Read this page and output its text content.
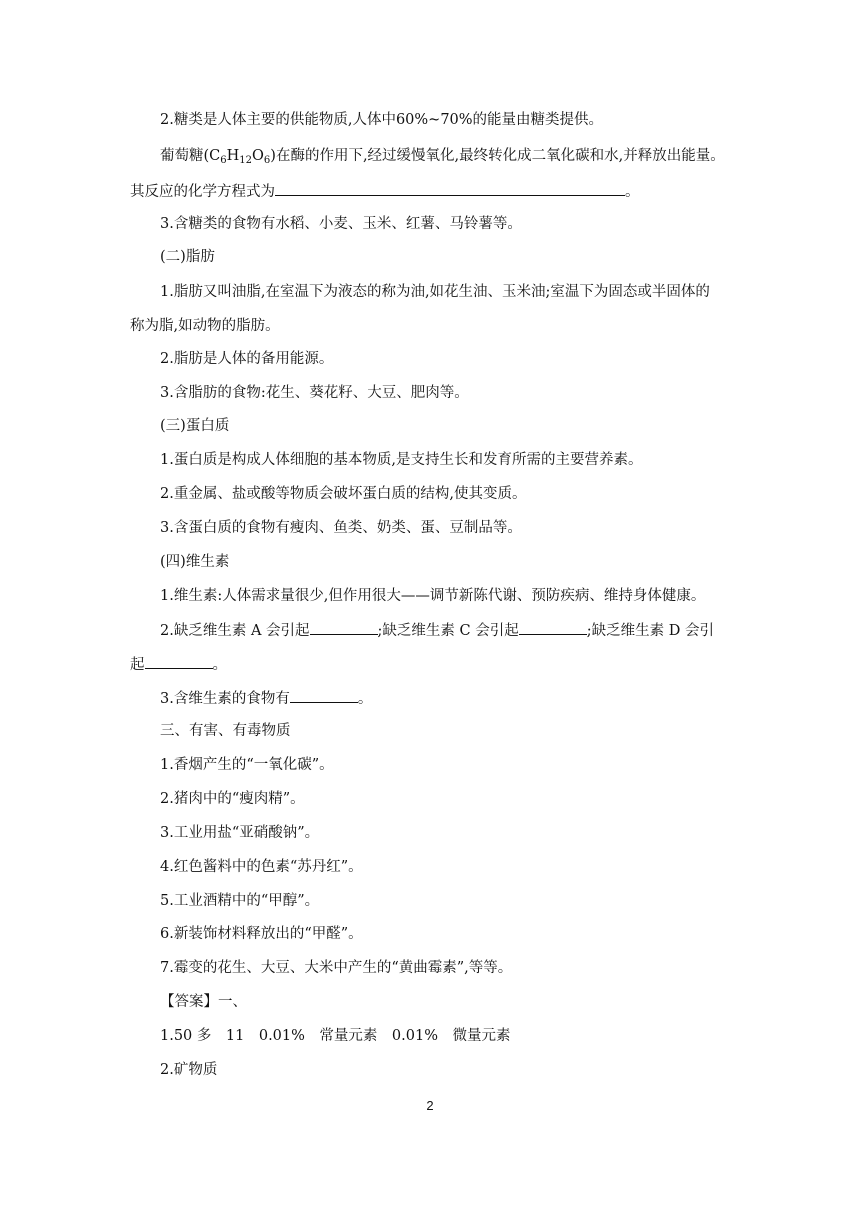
2.糖类是人体主要的供能物质,人体中60%~70%的能量由糖类提供。
葡萄糖$(C_6H_{12}O_6)$在酶的作用下,经过缓慢氧化,最终转化成二氧化碳和水,并释放出能量。
其反应的化学方程式为	。
3.含糖类的食物有水稻、小麦、玉米、红薯、马铃薯等。
(二)脂肪
1.脂肪又叫油脂,在室温下为液态的称为油,如花生油、玉米油;室温下为固态或半固体的
称为脂,如动物的脂肪。
2.脂肪是人体的备用能源。
3.含脂肪的食物:花生、葵花籽、大豆、肥肉等。
(三)蛋白质
1.蛋白质是构成人体细胞的基本物质,是支持生长和发育所需的主要营养素。
2.重金属、盐或酸等物质会破坏蛋白质的结构,使其变质。
3.含蛋白质的食物有瘦肉、鱼类、奶类、蛋、豆制品等。
(四)维生素
1.维生素:人体需求量很少,但作用很大——调节新陈代谢、预防疾病、维持身体健康。
2.缺乏维生素 A 会引起	;缺乏维生素 C 会引起	;缺乏维生素 D 会引
起	。
3.含维生素的食物有	。
三、有害、有毒物质
1.香烟产生的“一氧化碳”。
2.猪肉中的“瘦肉精”。
3.工业用盐“亚硝酸钠”。
4.红色酱料中的色素“苏丹红”。
5.工业酒精中的“甲醇”。
6.新装饰材料释放出的“甲醛”。
7.霉变的花生、大豆、大米中产生的“黄曲霉素”,等等。
【答案】一、
1.50 多　11　0.01%　常量元素　0.01%　微量元素
2.矿物质
2
